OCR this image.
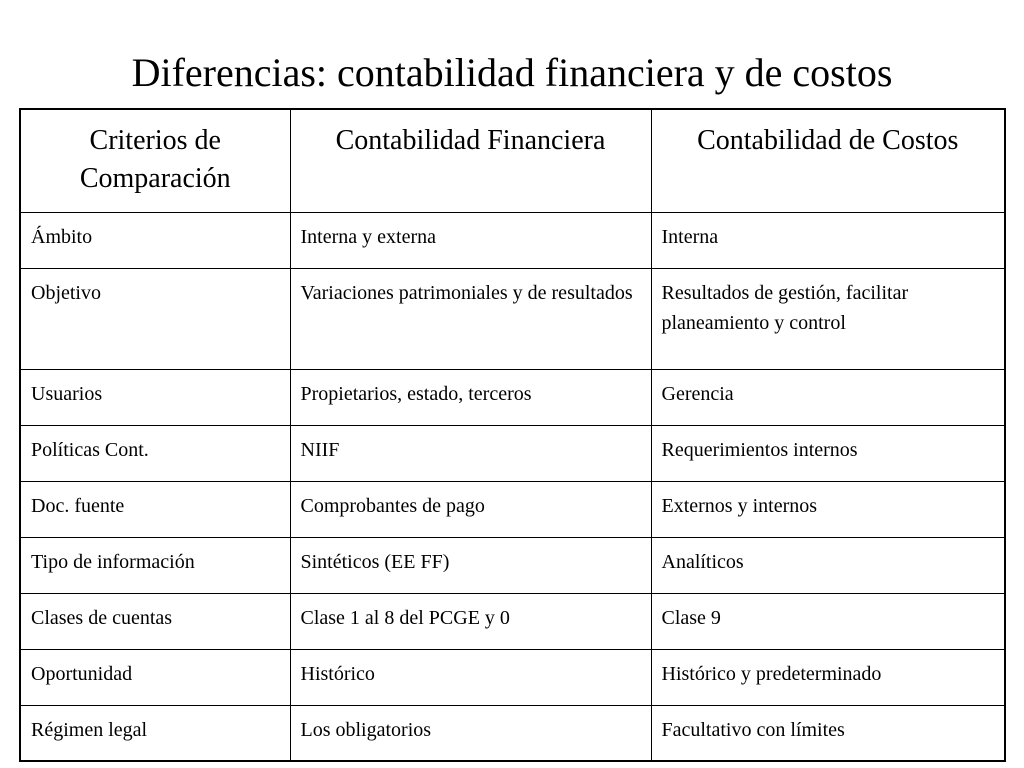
Diferencias: contabilidad financiera y de costos
Criterios de Comparación	Contabilidad Financiera	Contabilidad de Costos
Ámbito	Interna y externa	Interna
Objetivo	Variaciones patrimoniales y de resultados	Resultados de gestión, facilitar planeamiento y control
Usuarios	Propietarios, estado, terceros	Gerencia
Políticas Cont.	NIIF	Requerimientos internos
Doc. fuente	Comprobantes de pago	Externos y internos
Tipo de información	Sintéticos (EE FF)	Analíticos
Clases de cuentas	Clase 1 al 8 del PCGE y 0	Clase 9
Oportunidad	Histórico	Histórico y predeterminado
Régimen legal	Los obligatorios	Facultativo con límites
